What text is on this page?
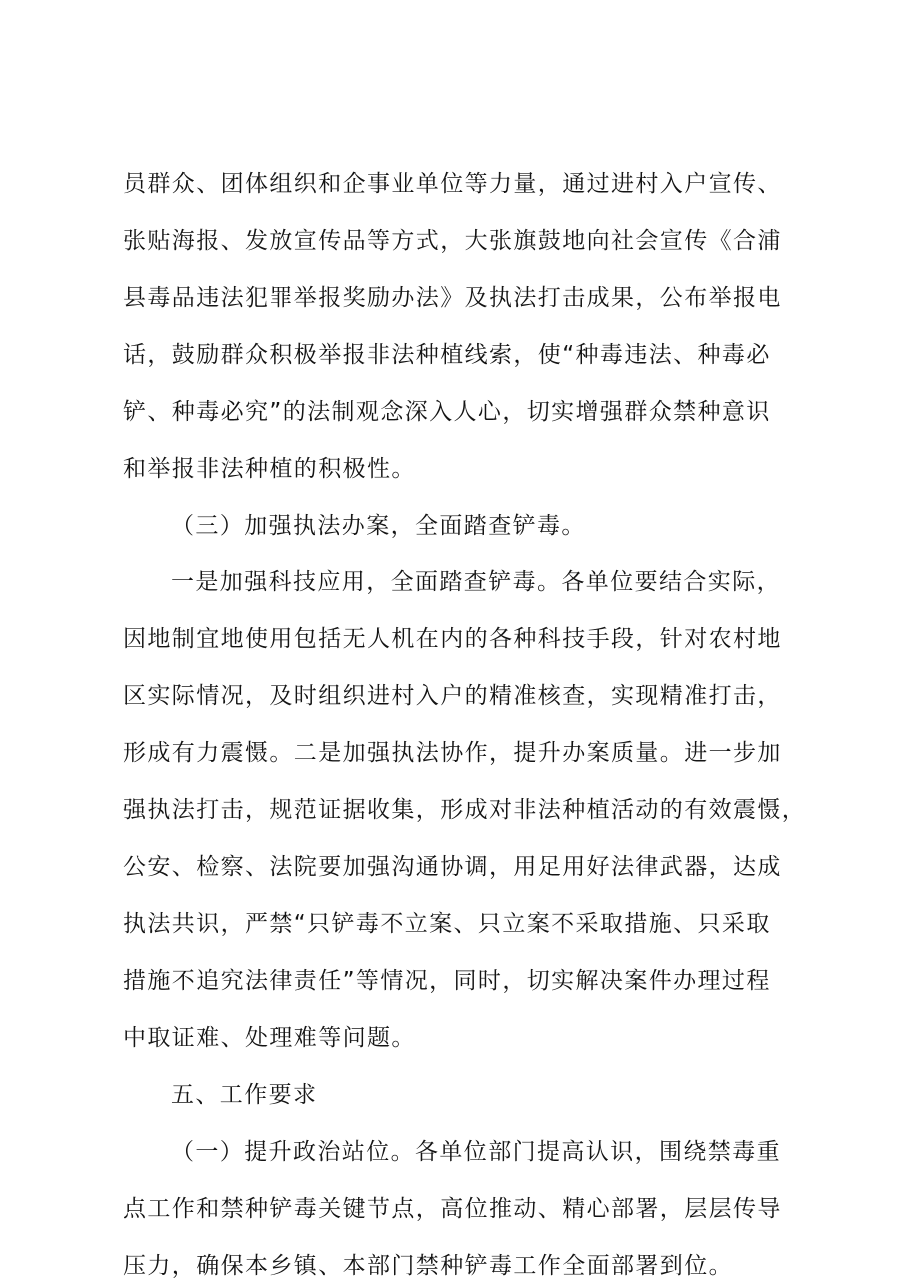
员群众、团体组织和企事业单位等力量，通过进村入户宣传、
张贴海报、发放宣传品等方式，大张旗鼓地向社会宣传《合浦
县毒品违法犯罪举报奖励办法》及执法打击成果，公布举报电
话，鼓励群众积极举报非法种植线索，使“种毒违法、种毒必
铲、种毒必究”的法制观念深入人心，切实增强群众禁种意识
和举报非法种植的积极性。
（三）加强执法办案，全面踏查铲毒。
一是加强科技应用，全面踏查铲毒。各单位要结合实际，
因地制宜地使用包括无人机在内的各种科技手段，针对农村地
区实际情况，及时组织进村入户的精准核查，实现精准打击，
形成有力震慑。二是加强执法协作，提升办案质量。进一步加
强执法打击，规范证据收集，形成对非法种植活动的有效震慑，
公安、检察、法院要加强沟通协调，用足用好法律武器，达成
执法共识，严禁“只铲毒不立案、只立案不采取措施、只采取
措施不追究法律责任”等情况，同时，切实解决案件办理过程
中取证难、处理难等问题。
五、工作要求
（一）提升政治站位。各单位部门提高认识，围绕禁毒重
点工作和禁种铲毒关键节点，高位推动、精心部署，层层传导
压力，确保本乡镇、本部门禁种铲毒工作全面部署到位。
